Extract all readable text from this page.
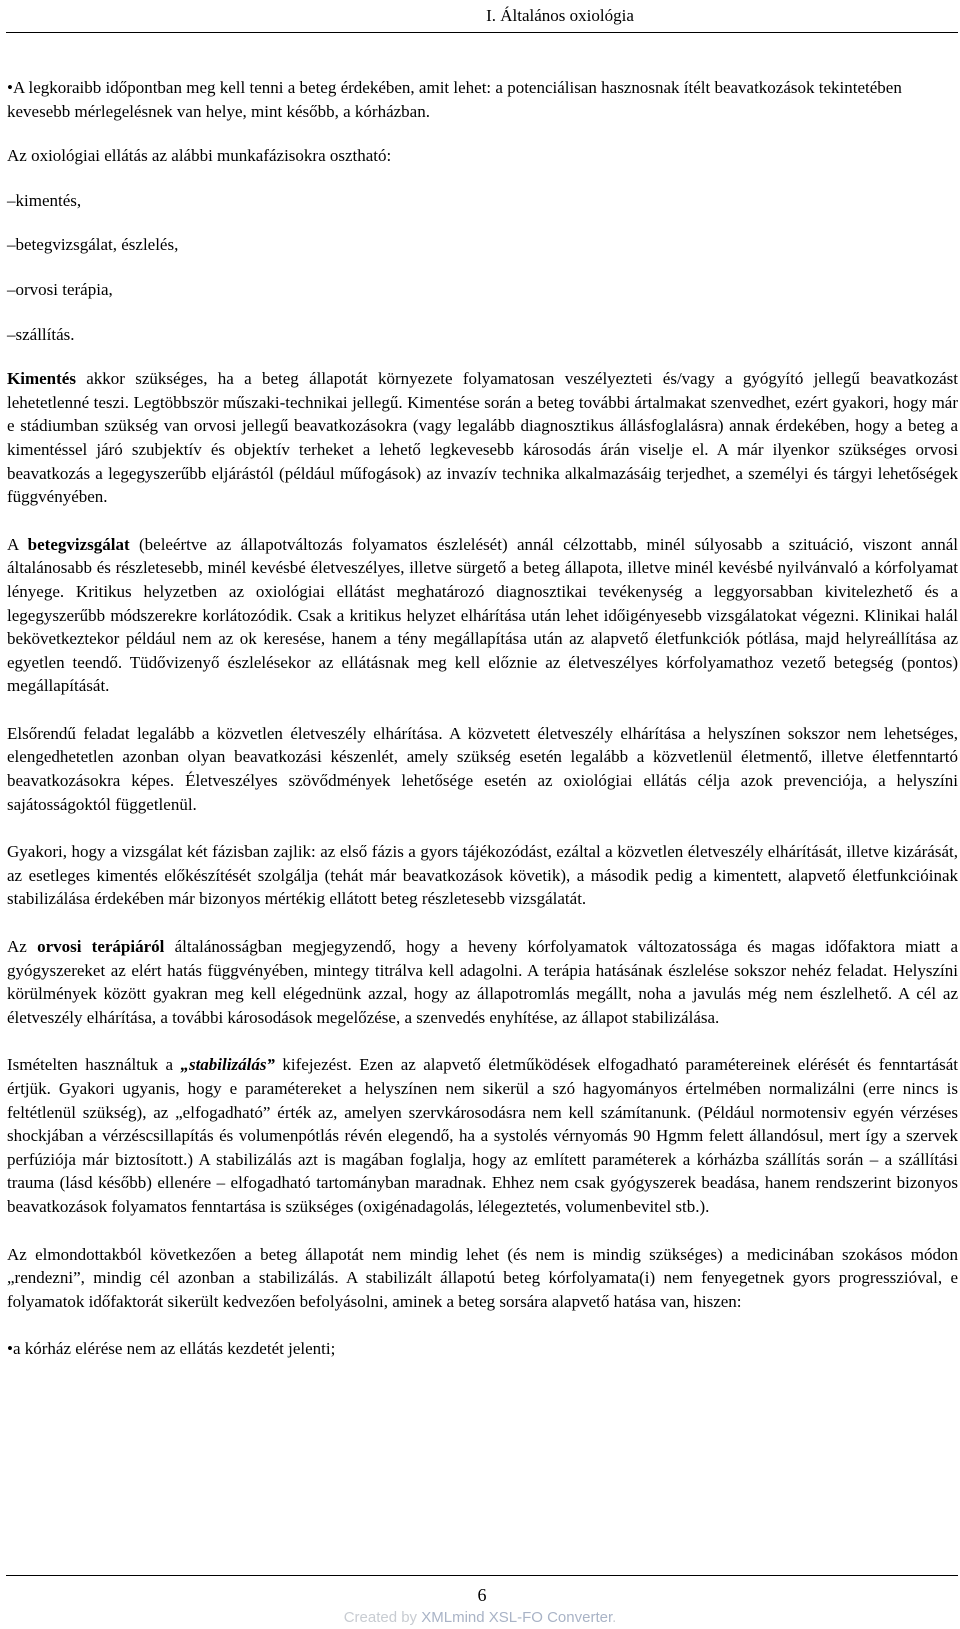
I. Általános oxiológia

•A legkoraibb időpontban meg kell tenni a beteg érdekében, amit lehet: a potenciálisan hasznosnak ítélt beavatkozások tekintetében kevesebb mérlegelésnek van helye, mint később, a kórházban.

Az oxiológiai ellátás az alábbi munkafázisokra osztható:

–kimentés,

–betegvizsgálat, észlelés,

–orvosi terápia,

–szállítás.

Kimentés akkor szükséges, ha a beteg állapotát környezete folyamatosan veszélyezteti és/vagy a gyógyító jellegű beavatkozást lehetetlenné teszi. Legtöbbször műszaki-technikai jellegű. Kimentése során a beteg további ártalmakat szenvedhet, ezért gyakori, hogy már e stádiumban szükség van orvosi jellegű beavatkozásokra (vagy legalább diagnosztikus állásfoglalásra) annak érdekében, hogy a beteg a kimentéssel járó szubjektív és objektív terheket a lehető legkevesebb károsodás árán viselje el. A már ilyenkor szükséges orvosi beavatkozás a legegyszerűbb eljárástól (például műfogások) az invazív technika alkalmazásáig terjedhet, a személyi és tárgyi lehetőségek függvényében.

A betegvizsgálat (beleértve az állapotváltozás folyamatos észlelését) annál célzottabb, minél súlyosabb a szituáció, viszont annál általánosabb és részletesebb, minél kevésbé életveszélyes, illetve sürgető a beteg állapota, illetve minél kevésbé nyilvánvaló a kórfolyamat lényege. Kritikus helyzetben az oxiológiai ellátást meghatározó diagnosztikai tevékenység a leggyorsabban kivitelezhető és a legegyszerűbb módszerekre korlátozódik. Csak a kritikus helyzet elhárítása után lehet időigényesebb vizsgálatokat végezni. Klinikai halál bekövetkeztekor például nem az ok keresése, hanem a tény megállapítása után az alapvető életfunkciók pótlása, majd helyreállítása az egyetlen teendő. Tüdővizenyő észlelésekor az ellátásnak meg kell előznie az életveszélyes kórfolyamathoz vezető betegség (pontos) megállapítását.

Elsőrendű feladat legalább a közvetlen életveszély elhárítása. A közvetett életveszély elhárítása a helyszínen sokszor nem lehetséges, elengedhetetlen azonban olyan beavatkozási készenlét, amely szükség esetén legalább a közvetlenül életmentő, illetve életfenntartó beavatkozásokra képes. Életveszélyes szövődmények lehetősége esetén az oxiológiai ellátás célja azok prevenciója, a helyszíni sajátosságoktól függetlenül.

Gyakori, hogy a vizsgálat két fázisban zajlik: az első fázis a gyors tájékozódást, ezáltal a közvetlen életveszély elhárítását, illetve kizárását, az esetleges kimentés előkészítését szolgálja (tehát már beavatkozások követik), a második pedig a kimentett, alapvető életfunkcióinak stabilizálása érdekében már bizonyos mértékig ellátott beteg részletesebb vizsgálatát.

Az orvosi terápiáról általánosságban megjegyzendő, hogy a heveny kórfolyamatok változatossága és magas időfaktora miatt a gyógyszereket az elért hatás függvényében, mintegy titrálva kell adagolni. A terápia hatásának észlelése sokszor nehéz feladat. Helyszíni körülmények között gyakran meg kell elégednünk azzal, hogy az állapotromlás megállt, noha a javulás még nem észlelhető. A cél az életveszély elhárítása, a további károsodások megelőzése, a szenvedés enyhítése, az állapot stabilizálása.

Ismételten használtuk a „stabilizálás” kifejezést. Ezen az alapvető életműködések elfogadható paramétereinek elérését és fenntartását értjük. Gyakori ugyanis, hogy e paramétereket a helyszínen nem sikerül a szó hagyományos értelmében normalizálni (erre nincs is feltétlenül szükség), az „elfogadható” érték az, amelyen szervkárosodásra nem kell számítanunk. (Például normotensiv egyén vérzéses shockjában a vérzéscsillapítás és volumenpótlás révén elegendő, ha a systolés vérnyomás 90 Hgmm felett állandósul, mert így a szervek perfúziója már biztosított.) A stabilizálás azt is magában foglalja, hogy az említett paraméterek a kórházba szállítás során – a szállítási trauma (lásd később) ellenére – elfogadható tartományban maradnak. Ehhez nem csak gyógyszerek beadása, hanem rendszerint bizonyos beavatkozások folyamatos fenntartása is szükséges (oxigénadagolás, lélegeztetés, volumenbevitel stb.).

Az elmondottakból következően a beteg állapotát nem mindig lehet (és nem is mindig szükséges) a medicinában szokásos módon „rendezni”, mindig cél azonban a stabilizálás. A stabilizált állapotú beteg kórfolyamata(i) nem fenyegetnek gyors progresszióval, e folyamatok időfaktorát sikerült kedvezően befolyásolni, aminek a beteg sorsára alapvető hatása van, hiszen:

•a kórház elérése nem az ellátás kezdetét jelenti;

6
Created by XMLmind XSL-FO Converter.
